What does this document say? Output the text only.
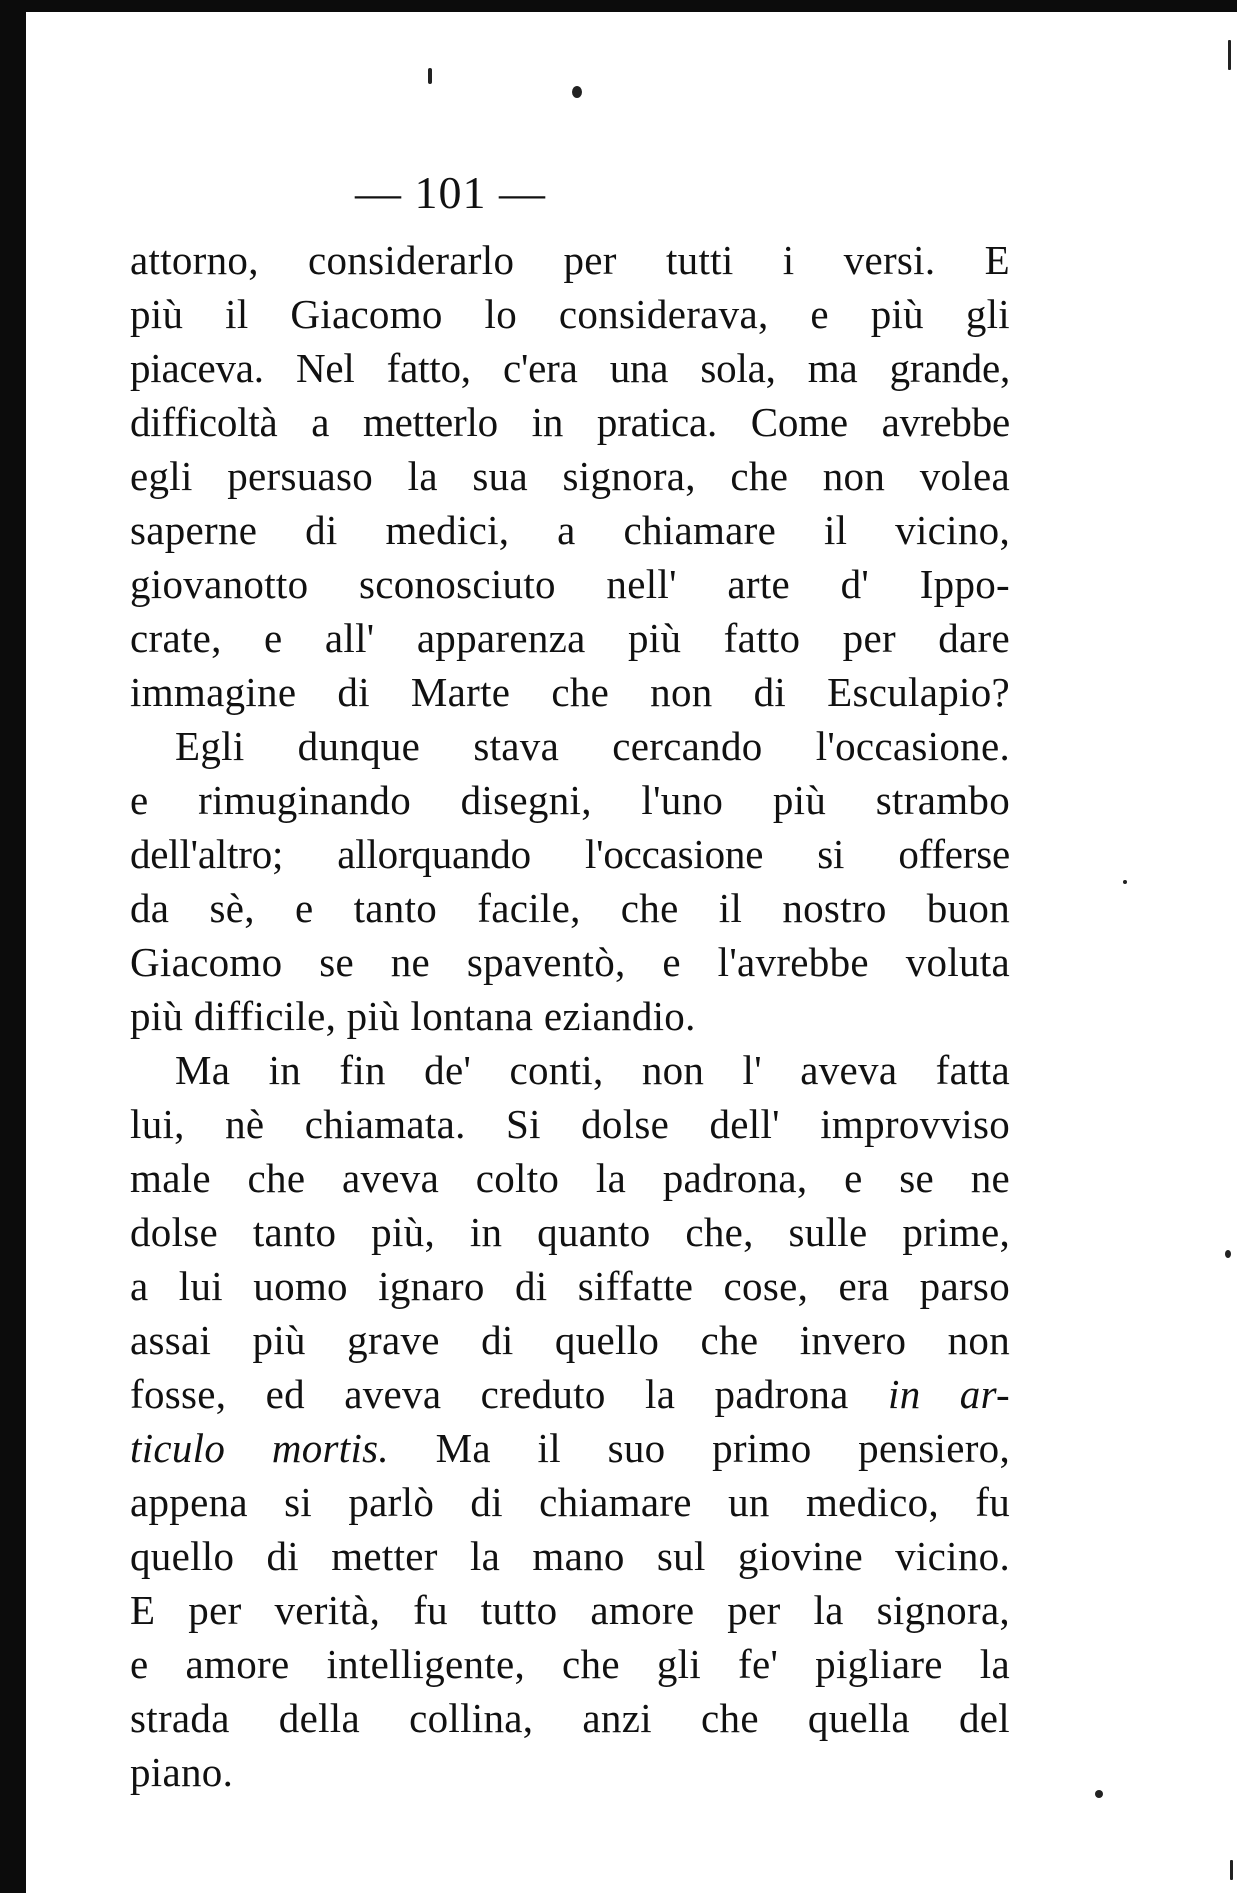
— 101 —
attorno, considerarlo per tutti i versi. E
più il Giacomo lo considerava, e più gli
piaceva. Nel fatto, c'era una sola, ma grande,
difficoltà a metterlo in pratica. Come avrebbe
egli persuaso la sua signora, che non volea
saperne di medici, a chiamare il vicino,
giovanotto sconosciuto nell' arte d' Ippo-
crate, e all' apparenza più fatto per dare
immagine di Marte che non di Esculapio?
Egli dunque stava cercando l'occasione.
e rimuginando disegni, l'uno più strambo
dell'altro; allorquando l'occasione si offerse
da sè, e tanto facile, che il nostro buon
Giacomo se ne spaventò, e l'avrebbe voluta
più difficile, più lontana eziandio.
Ma in fin de' conti, non l' aveva fatta
lui, nè chiamata. Si dolse dell' improvviso
male che aveva colto la padrona, e se ne
dolse tanto più, in quanto che, sulle prime,
a lui uomo ignaro di siffatte cose, era parso
assai più grave di quello che invero non
fosse, ed aveva creduto la padrona in ar-
ticulo mortis. Ma il suo primo pensiero,
appena si parlò di chiamare un medico, fu
quello di metter la mano sul giovine vicino.
E per verità, fu tutto amore per la signora,
e amore intelligente, che gli fe' pigliare la
strada della collina, anzi che quella del
piano.
